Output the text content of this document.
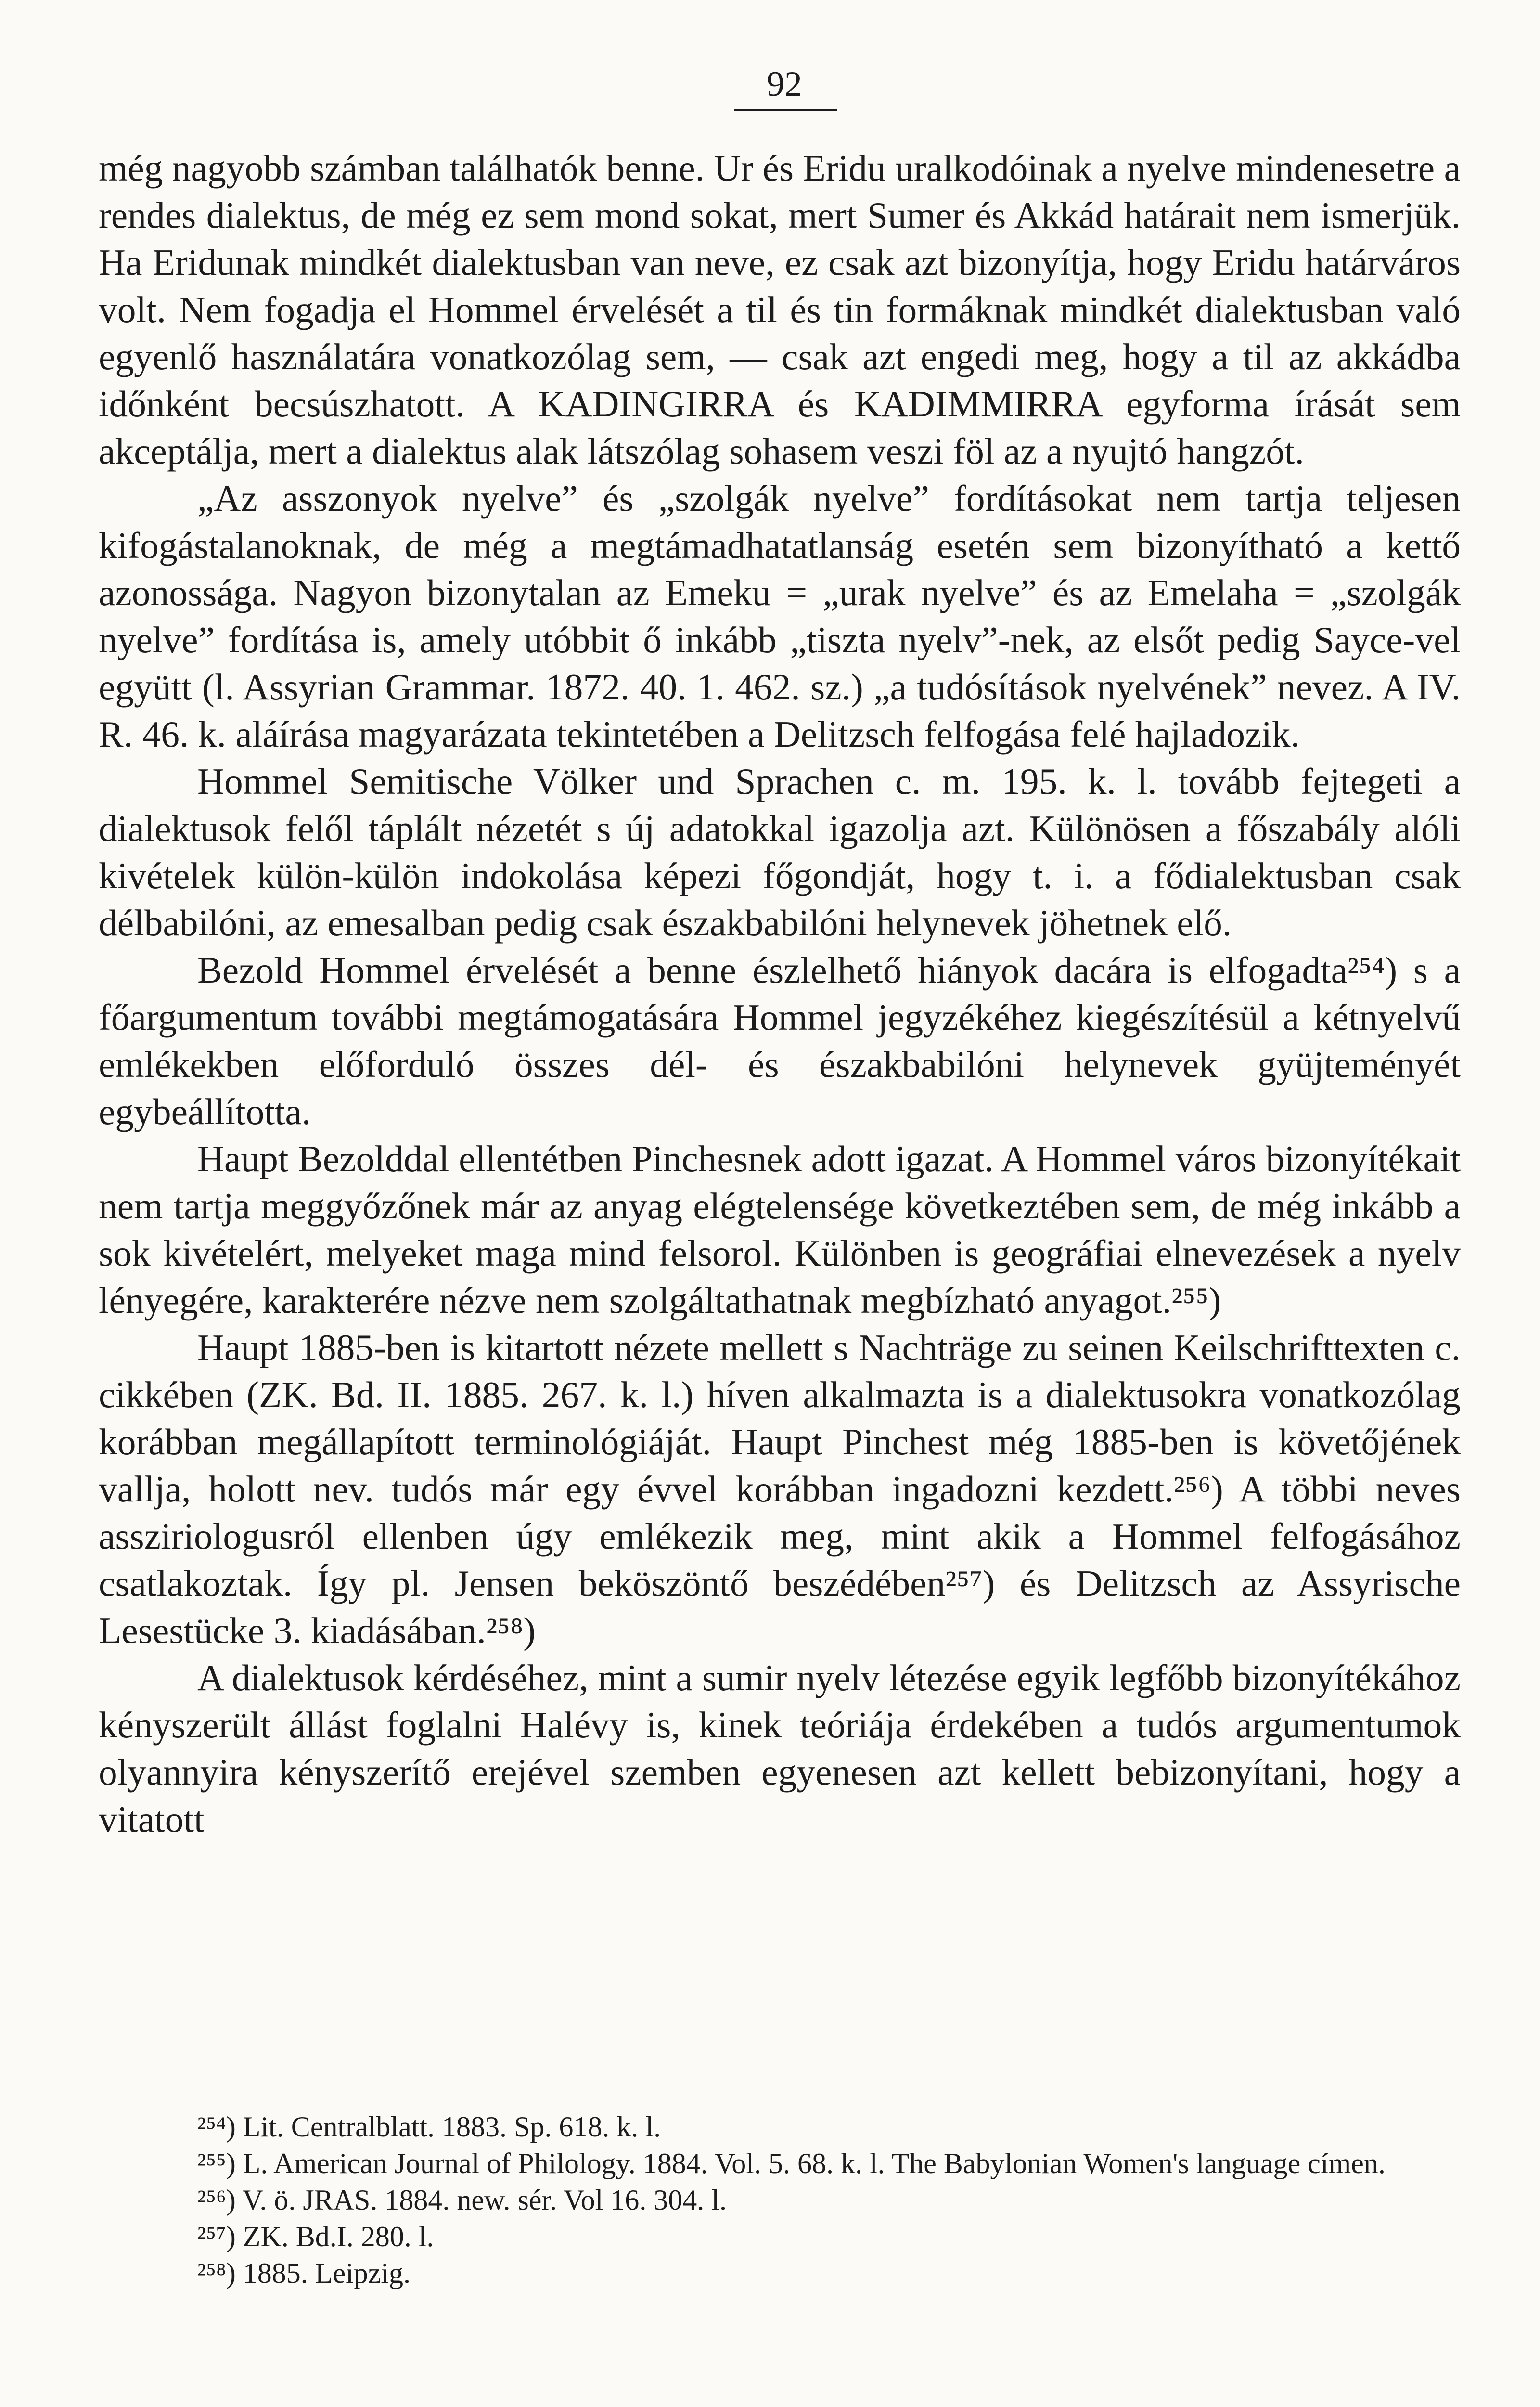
92

még nagyobb számban találhatók benne. Ur és Eridu uralkodóinak a nyelve mindenesetre a rendes dialektus, de még ez sem mond sokat, mert Sumer és Akkád határait nem ismerjük. Ha Eridunak mindkét dialektusban van neve, ez csak azt bizonyítja, hogy Eridu határváros volt. Nem fogadja el Hommel érvelését a til és tin formáknak mindkét dialektusban való egyenlő használatára vonatkozólag sem, — csak azt engedi meg, hogy a til az akkádba időnként becsúszhatott. A KADINGIRRA és KADIMMIRRA egyforma írását sem akceptálja, mert a dialektus alak látszólag sohasem veszi föl az a nyujtó hangzót.

„Az asszonyok nyelve” és „szolgák nyelve” fordításokat nem tartja teljesen kifogástalanoknak, de még a megtámadhatatlanság esetén sem bizonyítható a kettő azonossága. Nagyon bizonytalan az Emeku = „urak nyelve” és az Emelaha = „szolgák nyelve” fordítása is, amely utóbbit ő inkább „tiszta nyelv”-nek, az elsőt pedig Sayce-vel együtt (l. Assyrian Grammar. 1872. 40. 1. 462. sz.) „a tudósítások nyelvének” nevez. A IV. R. 46. k. aláírása magyarázata tekintetében a Delitzsch felfogása felé hajladozik.

Hommel Semitische Völker und Sprachen c. m. 195. k. l. tovább fejtegeti a dialektusok felől táplált nézetét s új adatokkal igazolja azt. Különösen a főszabály alóli kivételek külön-külön indokolása képezi főgondját, hogy t. i. a fődialektusban csak délbabilóni, az emesalban pedig csak északbabilóni helynevek jöhetnek elő.

Bezold Hommel érvelését a benne észlelhető hiányok dacára is elfogadta²⁵⁴) s a főargumentum további megtámogatására Hommel jegyzékéhez kiegészítésül a kétnyelvű emlékekben előforduló összes dél- és északbabilóni helynevek gyüjteményét egybeállította.

Haupt Bezolddal ellentétben Pinchesnek adott igazat. A Hommel város bizonyítékait nem tartja meggyőzőnek már az anyag elégtelensége következtében sem, de még inkább a sok kivételért, melyeket maga mind felsorol. Különben is geográfiai elnevezések a nyelv lényegére, karakterére nézve nem szolgáltathatnak megbízható anyagot.²⁵⁵)

Haupt 1885-ben is kitartott nézete mellett s Nachträge zu seinen Keilschrifttexten c. cikkében (ZK. Bd. II. 1885. 267. k. l.) híven alkalmazta is a dialektusokra vonatkozólag korábban megállapított terminológiáját. Haupt Pinchest még 1885-ben is követőjének vallja, holott nev. tudós már egy évvel korábban ingadozni kezdett.²⁵⁶) A többi neves assziriologusról ellenben úgy emlékezik meg, mint akik a Hommel felfogásához csatlakoztak. Így pl. Jensen beköszöntő beszédében²⁵⁷) és Delitzsch az Assyrische Lesestücke 3. kiadásában.²⁵⁸)

A dialektusok kérdéséhez, mint a sumir nyelv létezése egyik legfőbb bizonyítékához kényszerült állást foglalni Halévy is, kinek teóriája érdekében a tudós argumentumok olyannyira kényszerítő erejével szemben egyenesen azt kellett bebizonyítani, hogy a vitatott

²⁵⁴) Lit. Centralblatt. 1883. Sp. 618. k. l.

²⁵⁵) L. American Journal of Philology. 1884. Vol. 5. 68. k. l. The Babylonian Women's language címen.

²⁵⁶) V. ö. JRAS. 1884. new. sér. Vol 16. 304. l.

²⁵⁷) ZK. Bd.I. 280. l.

²⁵⁸) 1885. Leipzig.
